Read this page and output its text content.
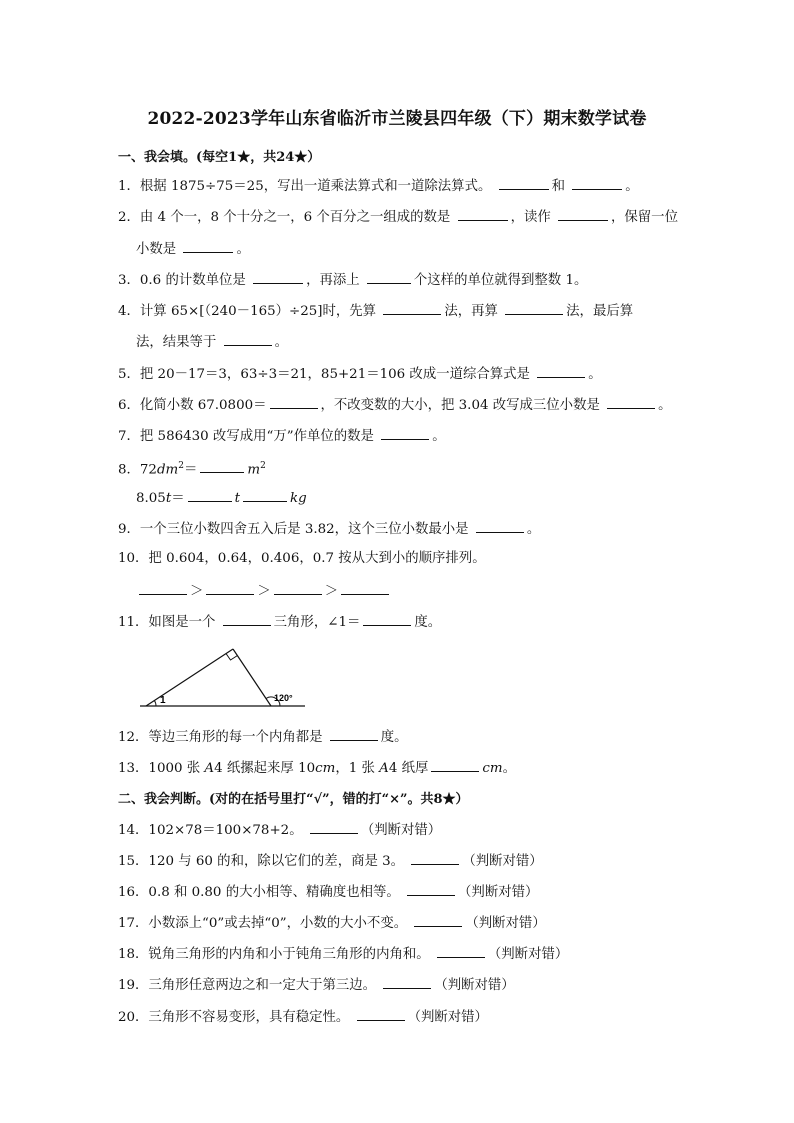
2022-2023学年山东省临沂市兰陵县四年级（下）期末数学试卷
一、我会填。(每空1★，共24★）
1．根据 1875÷75＝25，写出一道乘法算式和一道除法算式。	和	。
2．由 4 个一，8 个十分之一，6 个百分之一组成的数是	，读作	，保留一位
小数是	。
3．0.6 的计数单位是	，再添上	个这样的单位就得到整数 1。
4．计算 65×[（240－165）÷25]时，先算	法，再算	法，最后算
法，结果等于	。
5．把 20－17＝3，63÷3＝21，85+21＝106 改成一道综合算式是	。
6．化简小数 67.0800＝	，不改变数的大小，把 3.04 改写成三位小数是	。
7．把 586430 改写成用“万”作单位的数是	。
8．$72dm^2=$	$m^2$
8.05t＝	t	kg
9．一个三位小数四舍五入后是 3.82，这个三位小数最小是	。
10．把 0.604，0.64，0.406，0.7 按从大到小的顺序排列。
＞	＞	＞
11．如图是一个	三角形，∠1＝	度。
1	120°
12．等边三角形的每一个内角都是	度。
13．1000 张 A4 纸摞起来厚 10cm，1 张 A4 纸厚	cm。
二、我会判断。(对的在括号里打“√”，错的打“×”。共8★）
14．102×78＝100×78+2。	（判断对错）
15．120 与 60 的和，除以它们的差，商是 3。	（判断对错）
16．0.8 和 0.80 的大小相等、精确度也相等。	（判断对错）
17．小数添上“0”或去掉“0”，小数的大小不变。	（判断对错）
18．锐角三角形的内角和小于钝角三角形的内角和。	（判断对错）
19．三角形任意两边之和一定大于第三边。	（判断对错）
20．三角形不容易变形，具有稳定性。	（判断对错）
